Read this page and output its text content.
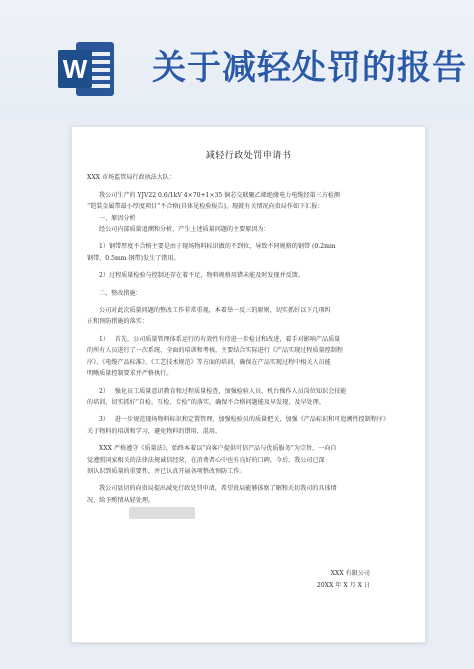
W 关于减轻处罚的报告
减轻行政处罚申请书

XXX 市场监管局行政执法大队：

我公司生产的 YJV22 0.6/1kV 4×70+1×35 铜芯交联聚乙烯绝缘电力电缆经第三方检测

“铠装金属带最小厚度项目”不合格(具体见检验报告)，现就有关情况向贵局作如下汇报：

一、原因分析

经公司内部质量追溯和分析，产生上述质量问题的主要原因为：

1）钢带厚度不合格主要是由于现场物料标识做的不到位，导致不同规格的钢带 (0.2mm

钢带、0.5mm 钢带)发生了错用。

2）过程质量检验与控制还存在着不足，物料规格用错未能及时发现并反馈。

二、整改措施：

公司对此次质量问题的整改工作非常重视，本着举一反三的原则，切实抓好以下几项纠

正和预防措施的落实：

1）   首先，公司质量管理体系运行的有效性有待进一步检讨和改进，着手对影响产品质量

的所有人员进行了一次系统、全面的培训和考核，主要结合实际进行《产品实现过程质量控制程

序》、《电缆产品标准》、《工艺技术规范》等方面的培训，确保在产品实现过程中相关人员能

明晰质量控制要求并严格执行。

2）   强化员工质量意识教育和过程质量检查，加强检验人员、机台操作人员岗位知识会技能

的培训，切实抓好“自检、互检、专检”的落实，确保不合格问题能及早发现，及早处理。

3）   进一步规范现场物料标识和定置管理，加强检验员的质量把关，加强《产品标识和可追溯性控制程序》

关于物料的培训和学习，避免物料的错用、混用。

XXX 严格遵守《质量法》，始终本着以“向客户提供可信产品与优质服务”为宗旨，一向自

觉遵照国家相关的法律法规诚信经营，在消费者心中也有良好的口碑。今后，我公司已深

刻认识到质量的重要性，并已认真开展各项整改预防工作。

我公司县切的向贵局提出减免行政处罚申请，希望贵局能够体察了解和关切我司的具体情

况，给予酌情从轻处理。

XXX 有限公司

20XX 年 X 月 X 日
